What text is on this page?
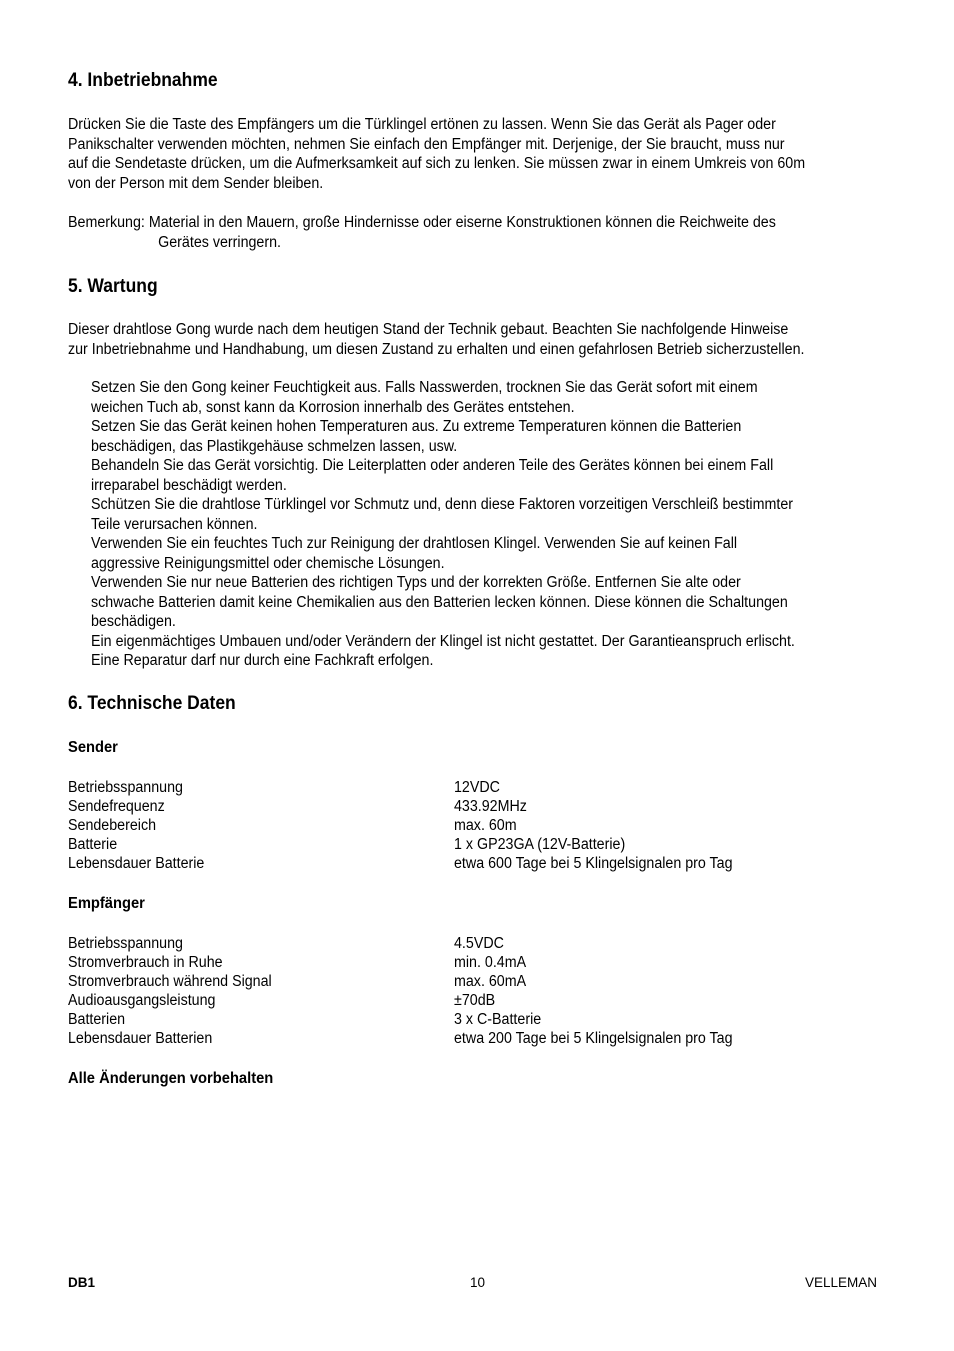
4. Inbetriebnahme
Drücken Sie die Taste des Empfängers um die Türklingel ertönen zu lassen. Wenn Sie das Gerät als Pager oder
Panikschalter verwenden möchten, nehmen Sie einfach den Empfänger mit. Derjenige, der Sie braucht, muss nur
auf die Sendetaste drücken, um die Aufmerksamkeit auf sich zu lenken. Sie müssen zwar in einem Umkreis von 60m
von der Person mit dem Sender bleiben.
Bemerkung: Material in den Mauern, große Hindernisse oder eiserne Konstruktionen können die Reichweite des
Gerätes verringern.
5. Wartung
Dieser drahtlose Gong wurde nach dem heutigen Stand der Technik gebaut. Beachten Sie nachfolgende Hinweise
zur Inbetriebnahme und Handhabung, um diesen Zustand zu erhalten und einen gefahrlosen Betrieb sicherzustellen.
Setzen Sie den Gong keiner Feuchtigkeit aus. Falls Nasswerden, trocknen Sie das Gerät sofort mit einem
weichen Tuch ab, sonst kann da Korrosion innerhalb des Gerätes entstehen.
Setzen Sie das Gerät keinen hohen Temperaturen aus. Zu extreme Temperaturen können die Batterien
beschädigen, das Plastikgehäuse schmelzen lassen, usw.
Behandeln Sie das Gerät vorsichtig. Die Leiterplatten oder anderen Teile des Gerätes können bei einem Fall
irreparabel beschädigt werden.
Schützen Sie die drahtlose Türklingel vor Schmutz und, denn diese Faktoren vorzeitigen Verschleiß bestimmter
Teile verursachen können.
Verwenden Sie ein feuchtes Tuch zur Reinigung der drahtlosen Klingel. Verwenden Sie auf keinen Fall
aggressive Reinigungsmittel oder chemische Lösungen.
Verwenden Sie nur neue Batterien des richtigen Typs und der korrekten Größe. Entfernen Sie alte oder
schwache Batterien damit keine Chemikalien aus den Batterien lecken können. Diese können die Schaltungen
beschädigen.
Ein eigenmächtiges Umbauen und/oder Verändern der Klingel ist nicht gestattet. Der Garantieanspruch erlischt.
Eine Reparatur darf nur durch eine Fachkraft erfolgen.
6. Technische Daten
Sender
Betriebsspannung	12VDC
Sendefrequenz	433.92MHz
Sendebereich	max. 60m
Batterie	1 x GP23GA (12V-Batterie)
Lebensdauer Batterie	etwa 600 Tage bei 5 Klingelsignalen pro Tag
Empfänger
Betriebsspannung	4.5VDC
Stromverbrauch in Ruhe	min. 0.4mA
Stromverbrauch während Signal	max. 60mA
Audioausgangsleistung	±70dB
Batterien	3 x C-Batterie
Lebensdauer Batterien	etwa 200 Tage bei 5 Klingelsignalen pro Tag
Alle Änderungen vorbehalten
DB1	10	VELLEMAN
